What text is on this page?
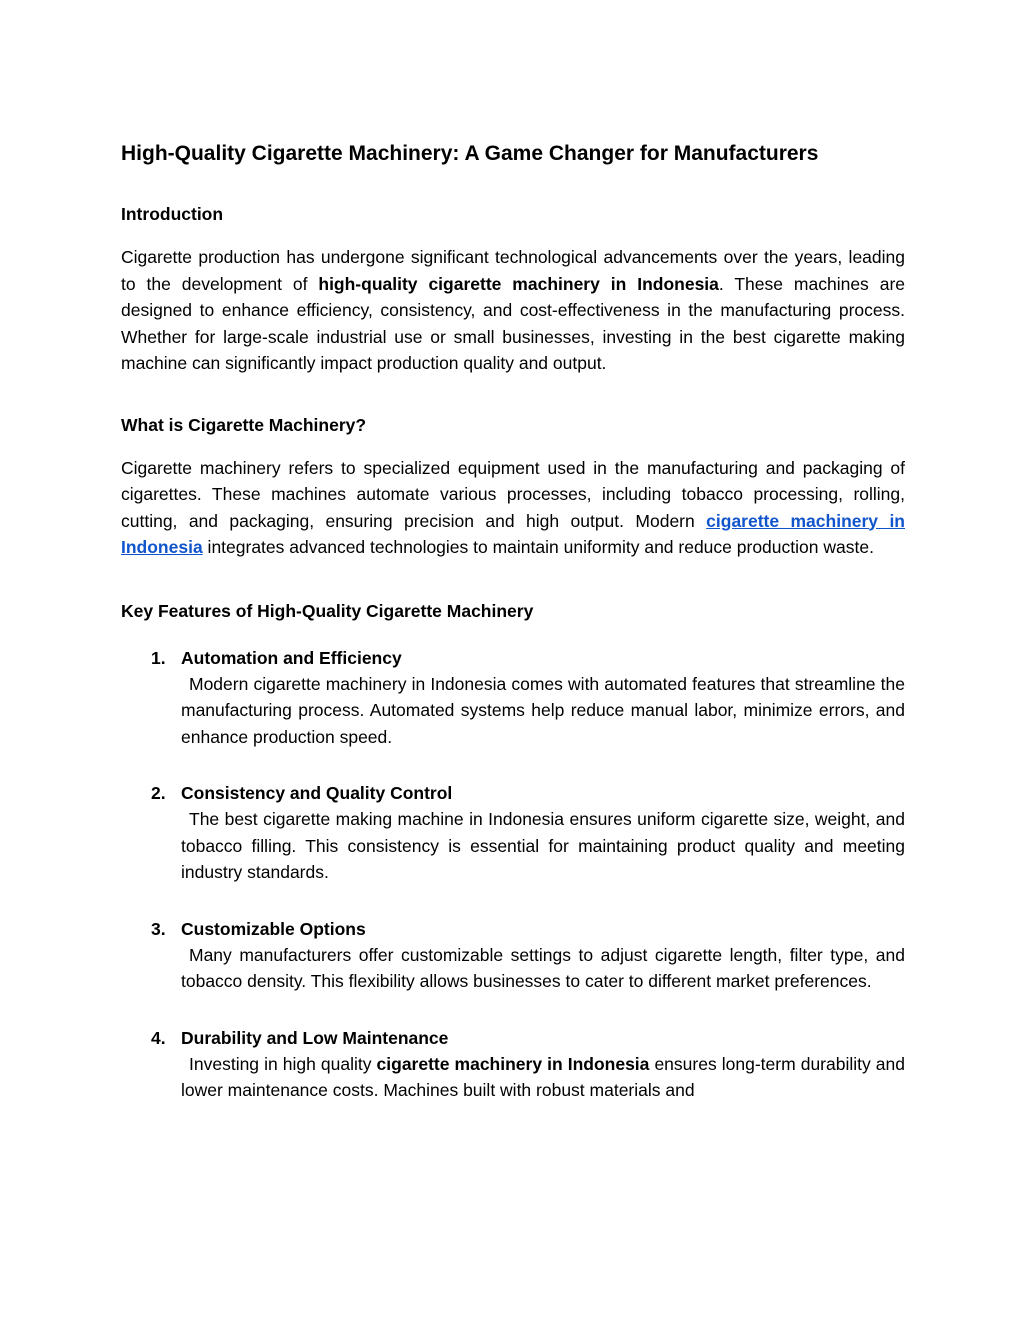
High-Quality Cigarette Machinery: A Game Changer for Manufacturers
Introduction

Cigarette production has undergone significant technological advancements over the years, leading to the development of high-quality cigarette machinery in Indonesia. These machines are designed to enhance efficiency, consistency, and cost-effectiveness in the manufacturing process. Whether for large-scale industrial use or small businesses, investing in the best cigarette making machine can significantly impact production quality and output.

What is Cigarette Machinery?

Cigarette machinery refers to specialized equipment used in the manufacturing and packaging of cigarettes. These machines automate various processes, including tobacco processing, rolling, cutting, and packaging, ensuring precision and high output. Modern cigarette machinery in Indonesia integrates advanced technologies to maintain uniformity and reduce production waste.

Key Features of High-Quality Cigarette Machinery
1. Automation and Efficiency

Modern cigarette machinery in Indonesia comes with automated features that streamline the manufacturing process. Automated systems help reduce manual labor, minimize errors, and enhance production speed.

2. Consistency and Quality Control

The best cigarette making machine in Indonesia ensures uniform cigarette size, weight, and tobacco filling. This consistency is essential for maintaining product quality and meeting industry standards.

3. Customizable Options

Many manufacturers offer customizable settings to adjust cigarette length, filter type, and tobacco density. This flexibility allows businesses to cater to different market preferences.

4. Durability and Low Maintenance

Investing in high quality cigarette machinery in Indonesia ensures long-term durability and lower maintenance costs. Machines built with robust materials and
